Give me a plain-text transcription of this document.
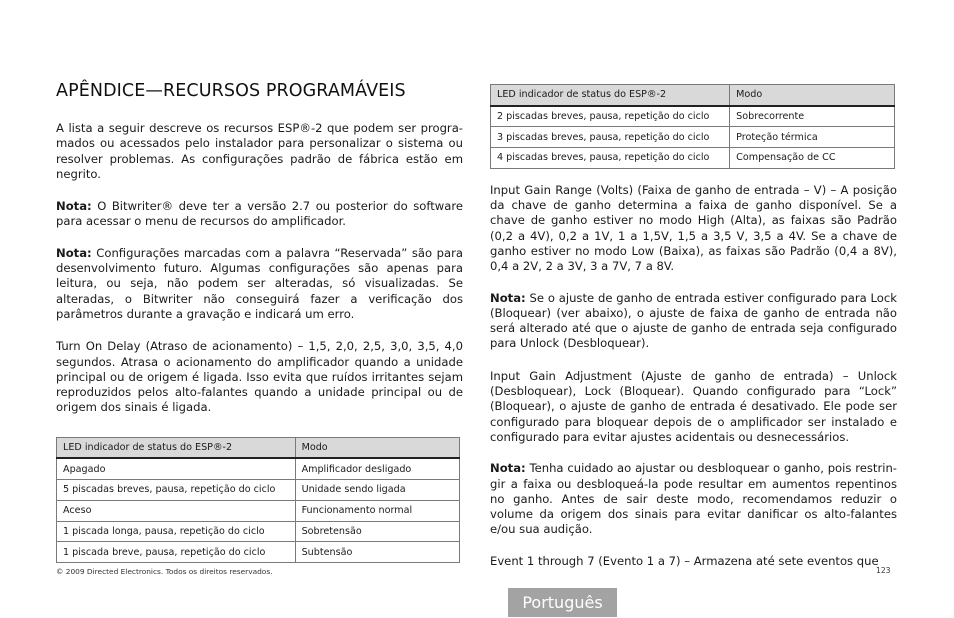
APÊNDICE—RECURSOS PROGRAMÁVEIS

A lista a seguir descreve os recursos ESP®-2 que podem ser progra-mados ou acessados pelo instalador para personalizar o sistema ou resolver problemas. As configurações padrão de fábrica estão em negrito.

Nota: O Bitwriter® deve ter a versão 2.7 ou posterior do software para acessar o menu de recursos do amplificador.

Nota: Configurações marcadas com a palavra “Reservada” são para desenvolvimento futuro. Algumas configurações são apenas para leitura, ou seja, não podem ser alteradas, só visualizadas. Se alteradas, o Bitwriter não conseguirá fazer a verificação dos parâmetros durante a gravação e indicará um erro.

Turn On Delay (Atraso de acionamento) – 1,5, 2,0, 2,5, 3,0, 3,5, 4,0 segundos. Atrasa o acionamento do amplificador quando a unidade principal ou de origem é ligada. Isso evita que ruídos irritantes sejam reproduzidos pelos alto-falantes quando a unidade principal ou de origem dos sinais é ligada.

LED indicador de status do ESP®-2	Modo
Apagado	Amplificador desligado
5 piscadas breves, pausa, repetição do ciclo	Unidade sendo ligada
Aceso	Funcionamento normal
1 piscada longa, pausa, repetição do ciclo	Sobretensão
1 piscada breve, pausa, repetição do ciclo	Subtensão
LED indicador de status do ESP®-2	Modo
2 piscadas breves, pausa, repetição do ciclo	Sobrecorrente
3 piscadas breves, pausa, repetição do ciclo	Proteção térmica
4 piscadas breves, pausa, repetição do ciclo	Compensação de CC

Input Gain Range (Volts) (Faixa de ganho de entrada – V) – A posição da chave de ganho determina a faixa de ganho disponível. Se a chave de ganho estiver no modo High (Alta), as faixas são Padrão (0,2 a 4V), 0,2 a 1V, 1 a 1,5V, 1,5 a 3,5 V, 3,5 a 4V. Se a chave de ganho estiver no modo Low (Baixa), as faixas são Padrão (0,4 a 8V), 0,4 a 2V, 2 a 3V, 3 a 7V, 7 a 8V.

Nota: Se o ajuste de ganho de entrada estiver configurado para Lock (Bloquear) (ver abaixo), o ajuste de faixa de ganho de entrada não será alterado até que o ajuste de ganho de entrada seja configurado para Unlock (Desbloquear).

Input Gain Adjustment (Ajuste de ganho de entrada) – Unlock (Desbloquear), Lock (Bloquear). Quando configurado para “Lock” (Bloquear), o ajuste de ganho de entrada é desativado. Ele pode ser configurado para bloquear depois de o amplificador ser instalado e configurado para evitar ajustes acidentais ou desnecessários.

Nota: Tenha cuidado ao ajustar ou desbloquear o ganho, pois restrin-gir a faixa ou desbloqueá-la pode resultar em aumentos repentinos no ganho. Antes de sair deste modo, recomendamos reduzir o volume da origem dos sinais para evitar danificar os alto-falantes e/ou sua audição.

Event 1 through 7 (Evento 1 a 7) – Armazena até sete eventos que

© 2009 Directed Electronics. Todos os direitos reservados.	123
Português
